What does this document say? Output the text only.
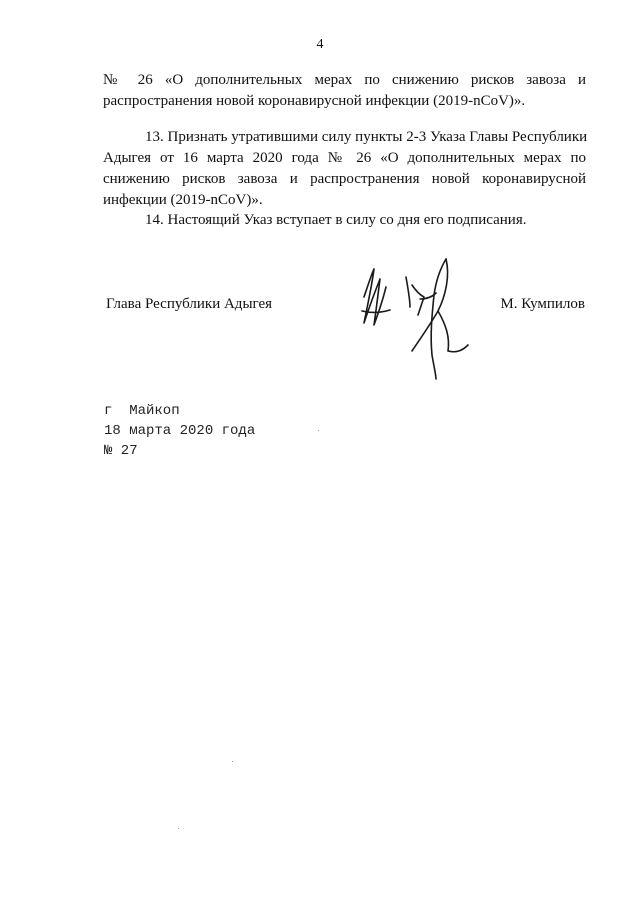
4
№ 26 «О дополнительных мерах по снижению рисков завоза и
распространения новой коронавирусной инфекции (2019-nCoV)».
13. Признать утратившими силу пункты 2-3 Указа Главы Республики
Адыгея от 16 марта 2020 года № 26 «О дополнительных мерах по
снижению рисков завоза и распространения новой коронавирусной
инфекции (2019-nCoV)».
14. Настоящий Указ вступает в силу со дня его подписания.
Глава Республики Адыгея	М. Кумпилов
г  Майкоп
18 марта 2020 года
№ 27
